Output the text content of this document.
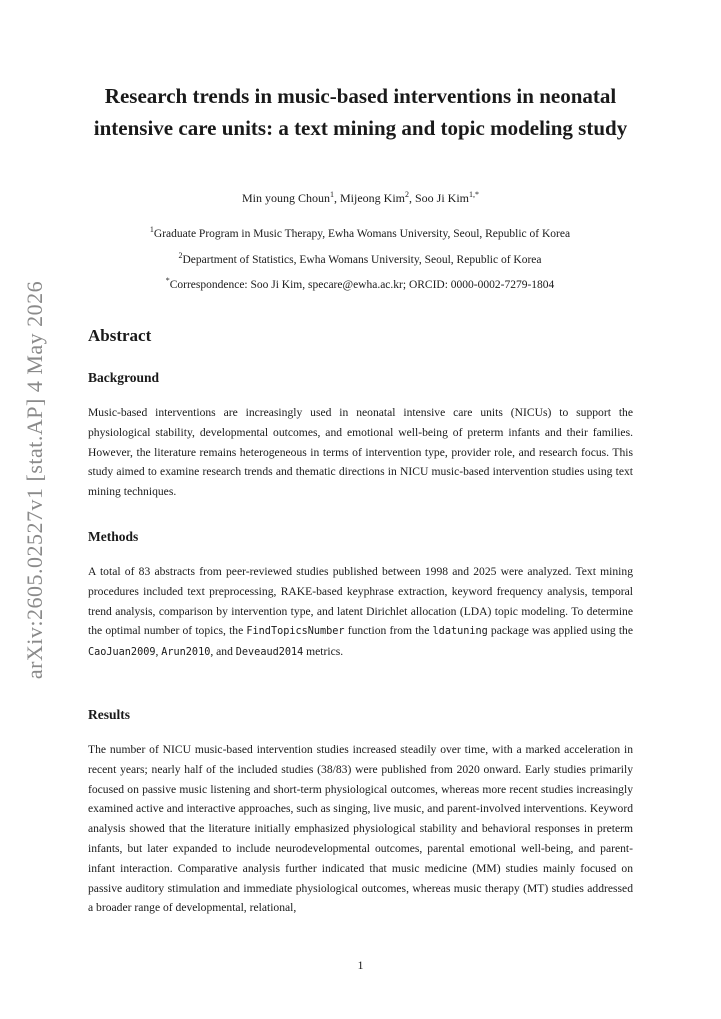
arXiv:2605.02527v1 [stat.AP] 4 May 2026
Research trends in music-based interventions in neonatal intensive care units: a text mining and topic modeling study
Min young Choun$^1$, Mijeong Kim$^2$, Soo Ji Kim$^{1,*}$
$^1$Graduate Program in Music Therapy, Ewha Womans University, Seoul, Republic of Korea
$^2$Department of Statistics, Ewha Womans University, Seoul, Republic of Korea
*Correspondence: Soo Ji Kim, specare@ewha.ac.kr; ORCID: 0000-0002-7279-1804
Abstract
Background

Music-based interventions are increasingly used in neonatal intensive care units (NICUs) to support the physiological stability, developmental outcomes, and emotional well-being of preterm infants and their families. However, the literature remains heterogeneous in terms of intervention type, provider role, and research focus. This study aimed to examine research trends and thematic directions in NICU music-based intervention studies using text mining techniques.

Methods

A total of 83 abstracts from peer-reviewed studies published between 1998 and 2025 were analyzed. Text mining procedures included text preprocessing, RAKE-based keyphrase extraction, keyword frequency analysis, temporal trend analysis, comparison by intervention type, and latent Dirichlet allocation (LDA) topic modeling. To determine the optimal number of topics, the FindTopicsNumber function from the ldatuning package was applied using the CaoJuan2009, Arun2010, and Deveaud2014 metrics.

Results

The number of NICU music-based intervention studies increased steadily over time, with a marked acceleration in recent years; nearly half of the included studies (38/83) were published from 2020 onward. Early studies primarily focused on passive music listening and short-term physiological outcomes, whereas more recent studies increasingly examined active and interactive approaches, such as singing, live music, and parent-involved interventions. Keyword analysis showed that the literature initially emphasized physiological stability and behavioral responses in preterm infants, but later expanded to include neurodevelopmental outcomes, parental emotional well-being, and parent-infant interaction. Comparative analysis further indicated that music medicine (MM) studies mainly focused on passive auditory stimulation and immediate physiological outcomes, whereas music therapy (MT) studies addressed a broader range of developmental, relational,

1
